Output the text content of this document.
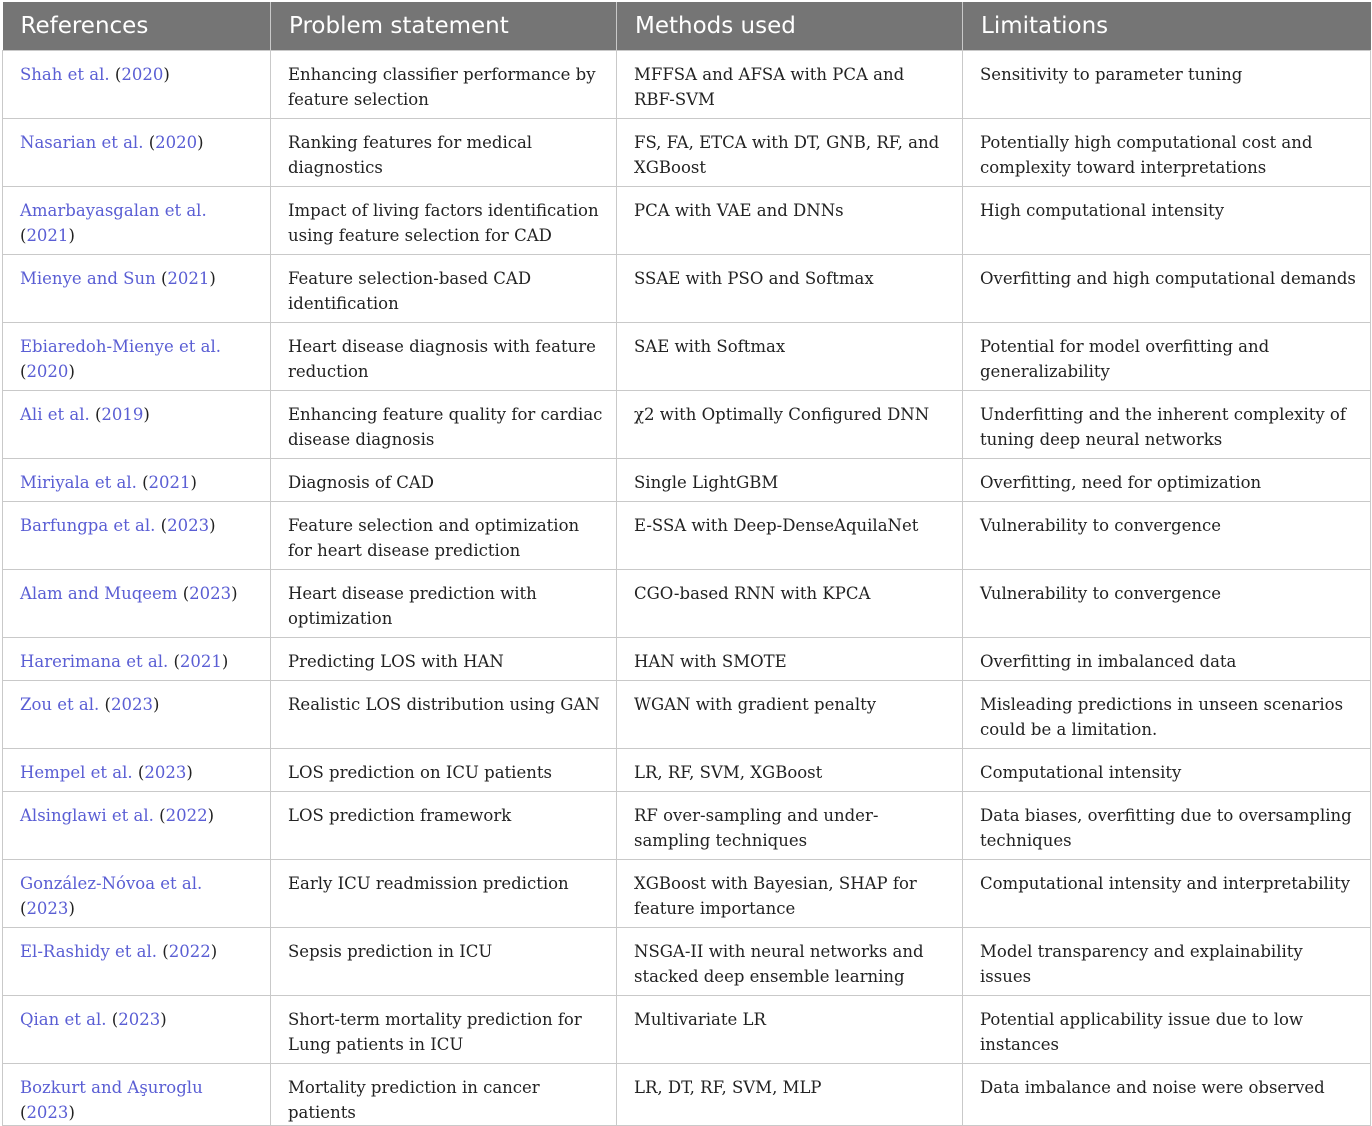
References	Problem statement	Methods used	Limitations
Shah et al. (2020)	Enhancing classifier performance by feature selection	MFFSA and AFSA with PCA and RBF-SVM	Sensitivity to parameter tuning
Nasarian et al. (2020)	Ranking features for medical diagnostics	FS, FA, ETCA with DT, GNB, RF, and XGBoost	Potentially high computational cost and complexity toward interpretations
Amarbayasgalan et al. (2021)	Impact of living factors identification using feature selection for CAD	PCA with VAE and DNNs	High computational intensity
Mienye and Sun (2021)	Feature selection-based CAD identification	SSAE with PSO and Softmax	Overfitting and high computational demands
Ebiaredoh-Mienye et al. (2020)	Heart disease diagnosis with feature reduction	SAE with Softmax	Potential for model overfitting and generalizability
Ali et al. (2019)	Enhancing feature quality for cardiac disease diagnosis	χ2 with Optimally Configured DNN	Underfitting and the inherent complexity of tuning deep neural networks
Miriyala et al. (2021)	Diagnosis of CAD	Single LightGBM	Overfitting, need for optimization
Barfungpa et al. (2023)	Feature selection and optimization for heart disease prediction	E-SSA with Deep-DenseAquilaNet	Vulnerability to convergence
Alam and Muqeem (2023)	Heart disease prediction with optimization	CGO-based RNN with KPCA	Vulnerability to convergence
Harerimana et al. (2021)	Predicting LOS with HAN	HAN with SMOTE	Overfitting in imbalanced data
Zou et al. (2023)	Realistic LOS distribution using GAN	WGAN with gradient penalty	Misleading predictions in unseen scenarios could be a limitation.
Hempel et al. (2023)	LOS prediction on ICU patients	LR, RF, SVM, XGBoost	Computational intensity
Alsinglawi et al. (2022)	LOS prediction framework	RF over-sampling and under-sampling techniques	Data biases, overfitting due to oversampling techniques
González-Nóvoa et al. (2023)	Early ICU readmission prediction	XGBoost with Bayesian, SHAP for feature importance	Computational intensity and interpretability
El-Rashidy et al. (2022)	Sepsis prediction in ICU	NSGA-II with neural networks and stacked deep ensemble learning	Model transparency and explainability issues
Qian et al. (2023)	Short-term mortality prediction for Lung patients in ICU	Multivariate LR	Potential applicability issue due to low instances
Bozkurt and Aşuroglu (2023)	Mortality prediction in cancer patients	LR, DT, RF, SVM, MLP	Data imbalance and noise were observed
